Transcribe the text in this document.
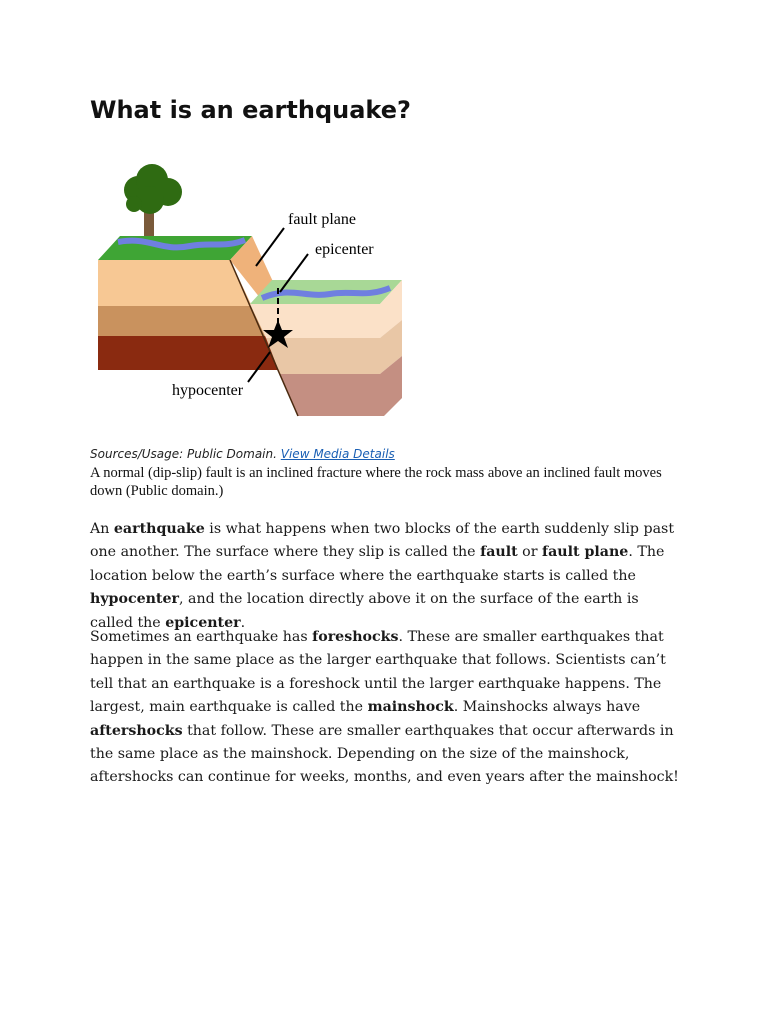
What is an earthquake?
fault plane
epicenter
hypocenter
Sources/Usage: Public Domain. View Media Details
A normal (dip-slip) fault is an inclined fracture where the rock mass above an inclined fault moves down (Public domain.)

An earthquake is what happens when two blocks of the earth suddenly slip past one another. The surface where they slip is called the fault or fault plane. The location below the earth’s surface where the earthquake starts is called the hypocenter, and the location directly above it on the surface of the earth is called the epicenter.

Sometimes an earthquake has foreshocks. These are smaller earthquakes that happen in the same place as the larger earthquake that follows. Scientists can’t tell that an earthquake is a foreshock until the larger earthquake happens. The largest, main earthquake is called the mainshock. Mainshocks always have aftershocks that follow. These are smaller earthquakes that occur afterwards in the same place as the mainshock. Depending on the size of the mainshock, aftershocks can continue for weeks, months, and even years after the mainshock!
